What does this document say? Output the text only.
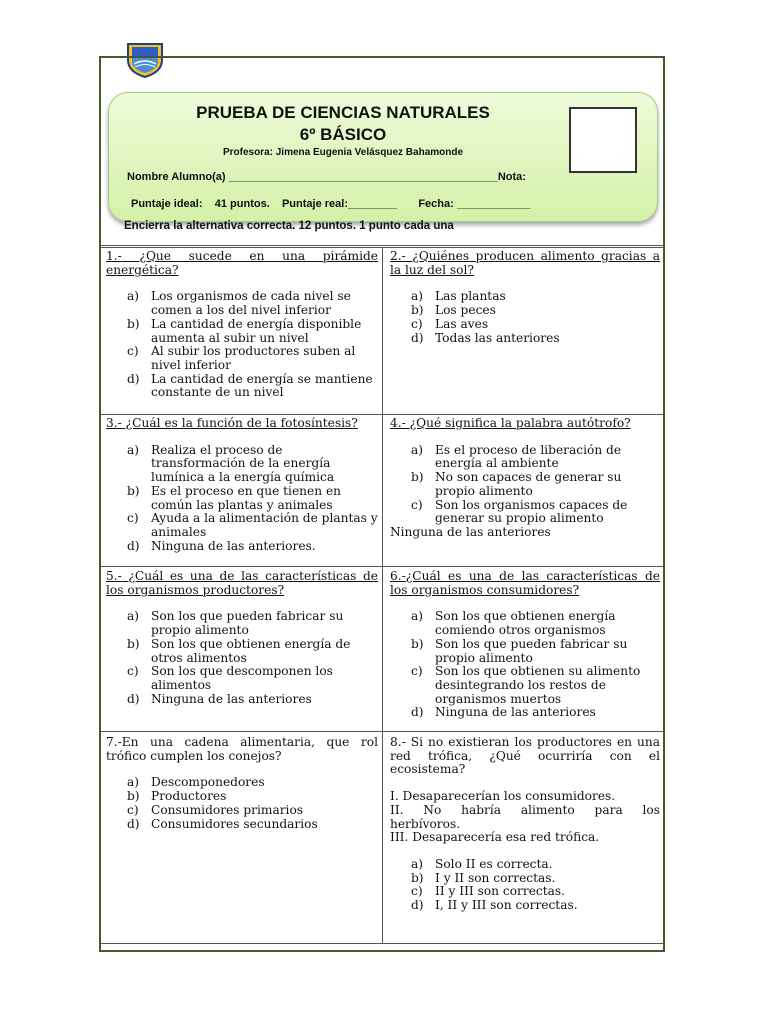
PRUEBA DE CIENCIAS NATURALES
6º BÁSICO
Profesora: Jimena Eugenia Velásquez Bahamonde
Nombre Alumno(a) ____________________________________________Nota:
Puntaje ideal:    41 puntos.    Puntaje real:________       Fecha: ____________
Encierra la alternativa correcta. 12 puntos. 1 punto cada una
1.- ¿Que sucede en una pirámide energética?
a) Los organismos de cada nivel se comen a los del nivel inferior
b) La cantidad de energía disponible aumenta al subir un nivel
c) Al subir los productores suben al nivel inferior
d) La cantidad de energía se mantiene constante de un nivel
2.- ¿Quiénes producen alimento gracias a la luz del sol?
a) Las plantas
b) Los peces
c) Las aves
d) Todas las anteriores
3.- ¿Cuál es la función de la fotosíntesis?
a) Realiza el proceso de transformación de la energía lumínica a la energía química
b) Es el proceso en que tienen en común las plantas y animales
c) Ayuda a la alimentación de plantas y animales
d) Ninguna de las anteriores.
4.- ¿Qué significa la palabra autótrofo?
a) Es el proceso de liberación de energía al ambiente
b) No son capaces de generar su propio alimento
c) Son los organismos capaces de generar su propio alimento
Ninguna de las anteriores
5.- ¿Cuál es una de las características de los organismos productores?
a) Son los que pueden fabricar su propio alimento
b) Son los que obtienen energía de otros alimentos
c) Son los que descomponen los alimentos
d) Ninguna de las anteriores
6.-¿Cuál es una de las características de los organismos consumidores?
a) Son los que obtienen energía comiendo otros organismos
b) Son los que pueden fabricar su propio alimento
c) Son los que obtienen su alimento desintegrando los restos de organismos muertos
d) Ninguna de las anteriores
7.-En una cadena alimentaria, que rol trófico cumplen los conejos?
a) Descomponedores
b) Productores
c) Consumidores primarios
d) Consumidores secundarios
8.- Si no existieran los productores en una red trófica, ¿Qué ocurriría con el ecosistema?
I. Desaparecerían los consumidores.
II.  No  habría  alimento  para  los herbívoros.
III. Desaparecería esa red trófica.
a) Solo II es correcta.
b) I y II son correctas.
c) II y III son correctas.
d) I, II y III son correctas.
